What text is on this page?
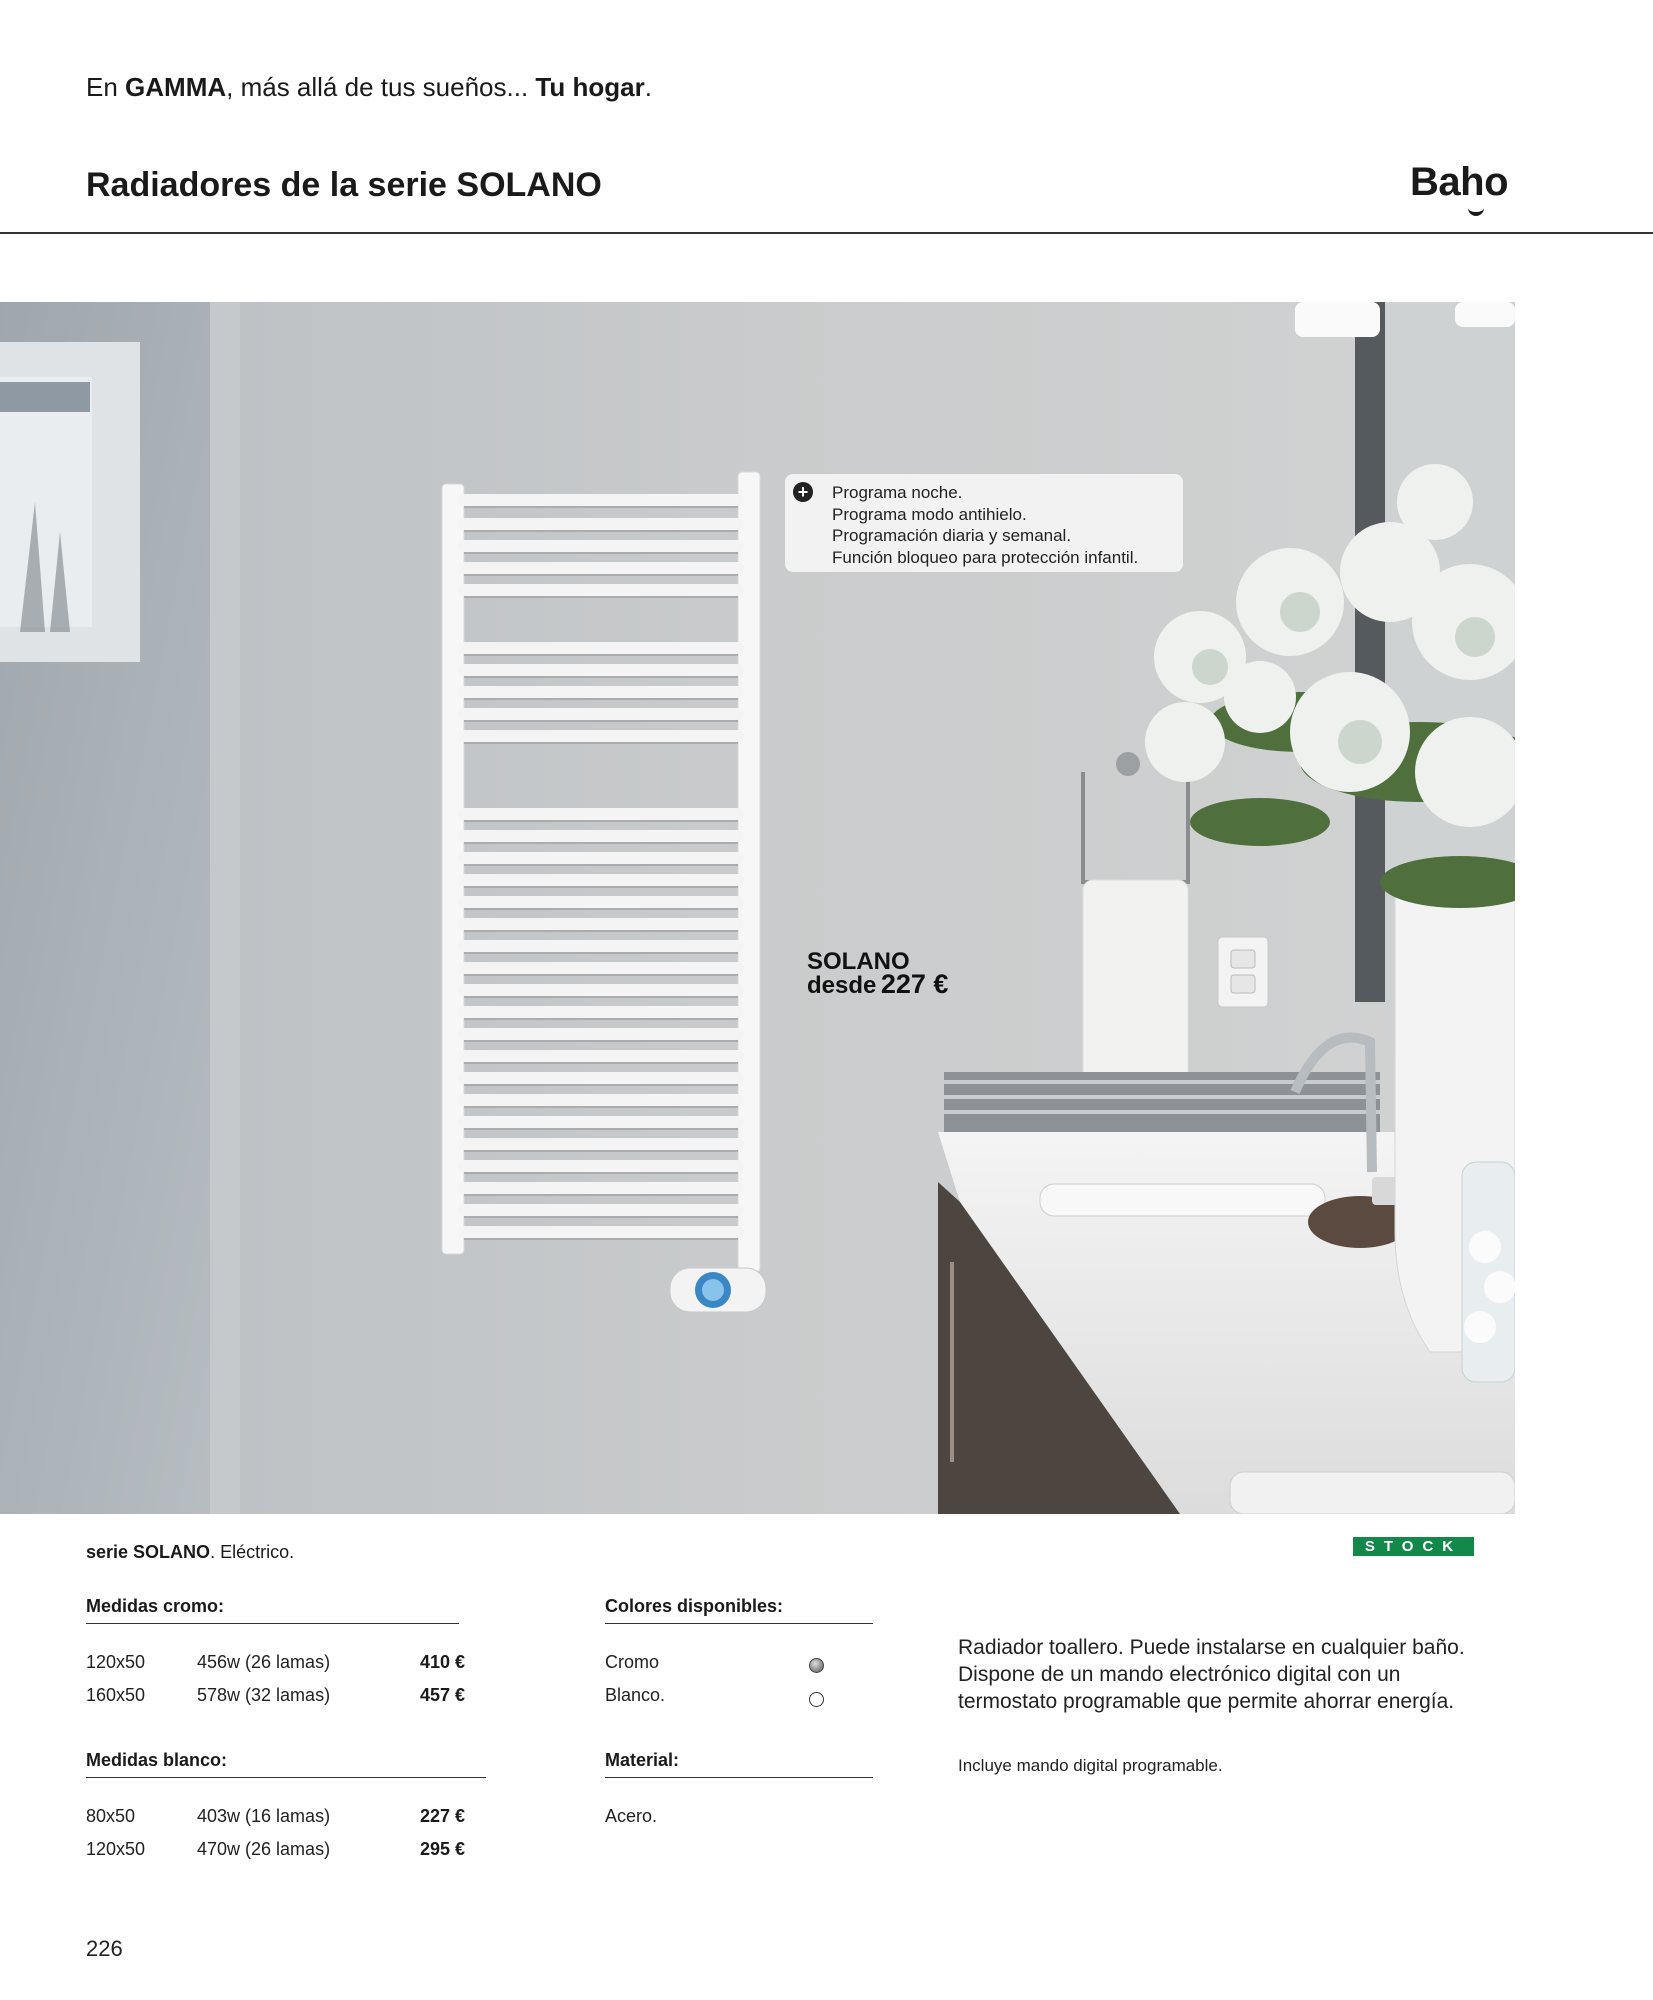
En GAMMA, más allá de tus sueños... Tu hogar.
Radiadores de la serie SOLANO	Baho
+ Programa noche.
Programa modo antihielo.
Programación diaria y semanal.
Función bloqueo para protección infantil.
SOLANO
desde 227 €
serie SOLANO. Eléctrico.	STOCK
Medidas cromo:
120x50	456w (26 lamas)	410 €
160x50	578w (32 lamas)	457 €
Medidas blanco:
80x50	403w (16 lamas)	227 €
120x50	470w (26 lamas)	295 €
Colores disponibles:
Cromo
Blanco.
Material:
Acero.
Radiador toallero. Puede instalarse en cualquier baño. Dispone de un mando electrónico digital con un termostato programable que permite ahorrar energía.
Incluye mando digital programable.
226
